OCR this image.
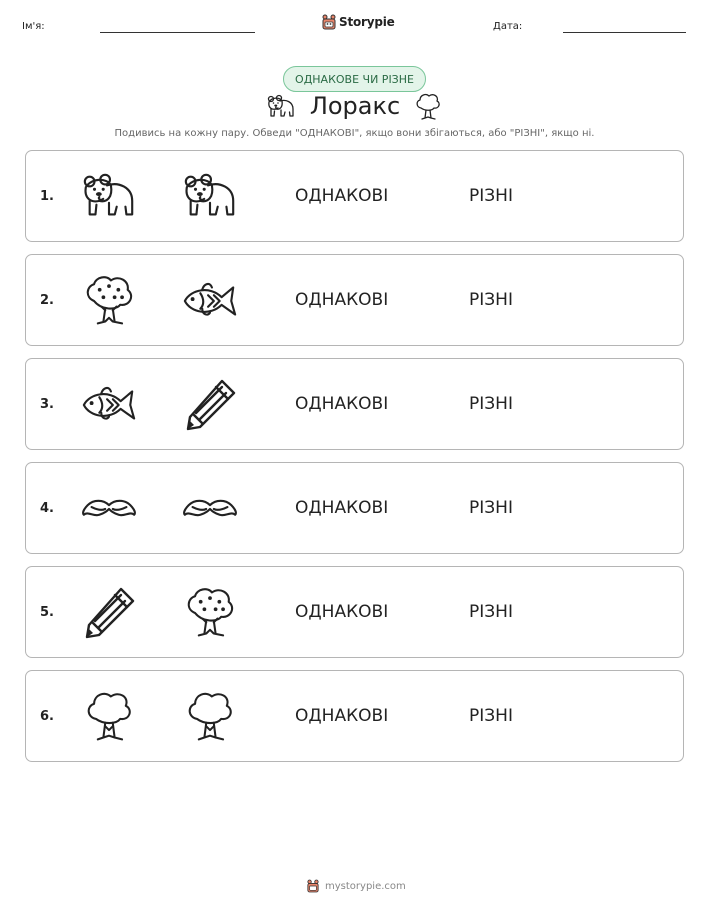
Ім'я:	Storypie	Дата:
ОДНАКОВЕ ЧИ РІЗНЕ
Лоракс
Подивись на кожну пару. Обведи "ОДНАКОВІ", якщо вони збігаються, або "РІЗНІ", якщо ні.
1.	ОДНАКОВІ	РІЗНІ
2.	ОДНАКОВІ	РІЗНІ
3.	ОДНАКОВІ	РІЗНІ
4.	ОДНАКОВІ	РІЗНІ
5.	ОДНАКОВІ	РІЗНІ
6.	ОДНАКОВІ	РІЗНІ
mystorypie.com
